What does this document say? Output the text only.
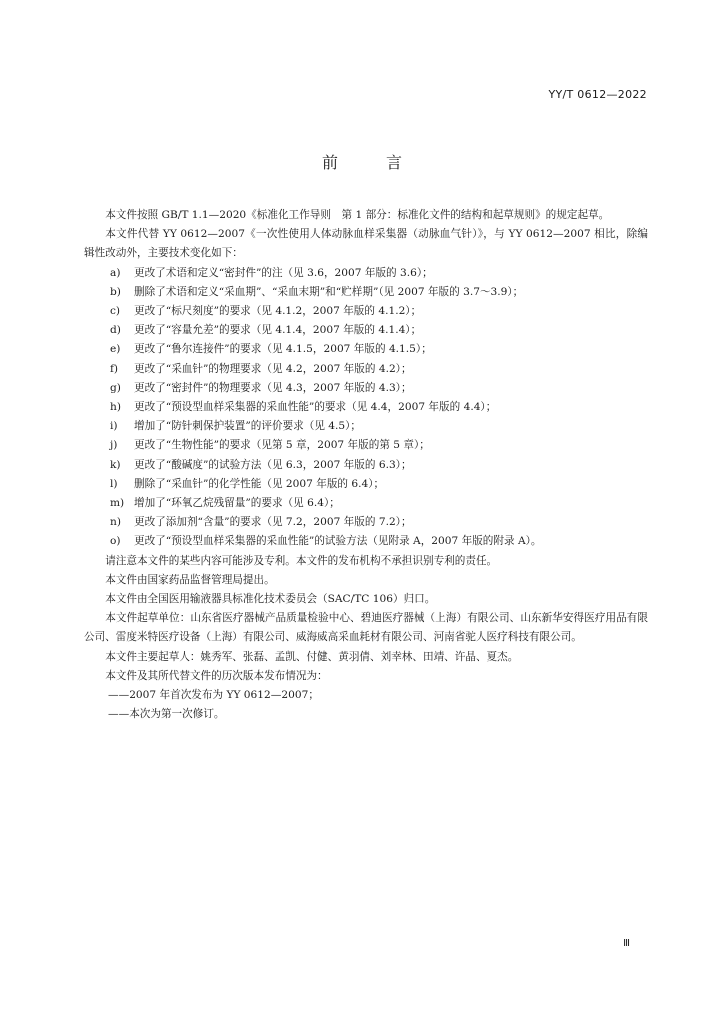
YY/T 0612—2022
前	言

本文件按照 GB/T 1.1—2020《标准化工作导则　第 1 部分：标准化文件的结构和起草规则》的规定起草。

本文件代替 YY 0612—2007《一次性使用人体动脉血样采集器（动脉血气针）》，与 YY 0612—2007 相比，除编辑性改动外，主要技术变化如下：

a)	更改了术语和定义“密封件”的注（见 3.6，2007 年版的 3.6）；
b)	删除了术语和定义“采血期”、“采血末期”和“贮样期”（见 2007 年版的 3.7～3.9）；
c)	更改了“标尺刻度”的要求（见 4.1.2，2007 年版的 4.1.2）；
d)	更改了“容量允差”的要求（见 4.1.4，2007 年版的 4.1.4）；
e)	更改了“鲁尔连接件”的要求（见 4.1.5，2007 年版的 4.1.5）；
f)	更改了“采血针”的物理要求（见 4.2，2007 年版的 4.2）；
g)	更改了“密封件”的物理要求（见 4.3，2007 年版的 4.3）；
h)	更改了“预设型血样采集器的采血性能”的要求（见 4.4，2007 年版的 4.4）；
i)	增加了“防针刺保护装置”的评价要求（见 4.5）；
j)	更改了“生物性能”的要求（见第 5 章，2007 年版的第 5 章）；
k)	更改了“酸碱度”的试验方法（见 6.3，2007 年版的 6.3）；
l)	删除了“采血针”的化学性能（见 2007 年版的 6.4）；
m) 增加了“环氧乙烷残留量”的要求（见 6.4）；
n)	更改了添加剂“含量”的要求（见 7.2，2007 年版的 7.2）；
o)	更改了“预设型血样采集器的采血性能”的试验方法（见附录 A，2007 年版的附录 A）。

请注意本文件的某些内容可能涉及专利。本文件的发布机构不承担识别专利的责任。

本文件由国家药品监督管理局提出。

本文件由全国医用输液器具标准化技术委员会（SAC/TC 106）归口。

本文件起草单位：山东省医疗器械产品质量检验中心、碧迪医疗器械（上海）有限公司、山东新华安得医疗用品有限公司、雷度米特医疗设备（上海）有限公司、威海威高采血耗材有限公司、河南省驼人医疗科技有限公司。

本文件主要起草人：姚秀军、张磊、孟凯、付健、黄羽倩、刘幸林、田靖、许晶、夏杰。

本文件及其所代替文件的历次版本发布情况为：

——2007 年首次发布为 YY 0612—2007；

——本次为第一次修订。

Ⅲ
